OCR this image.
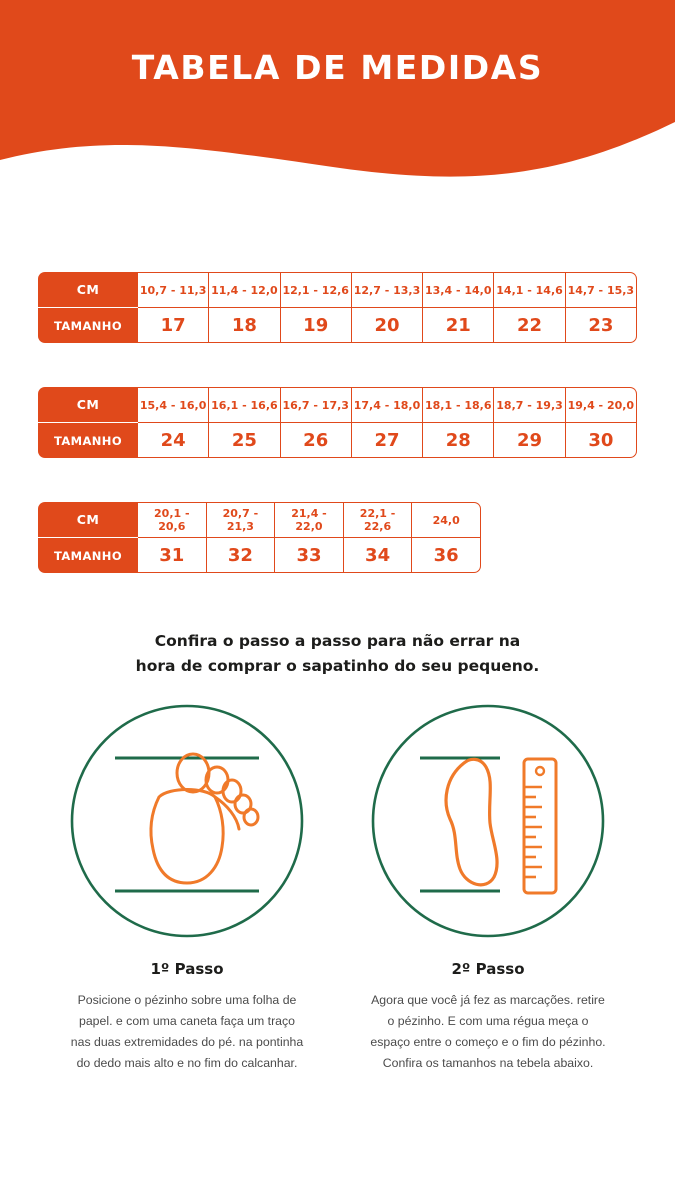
TABELA DE MEDIDAS
CM	10,7 - 11,3	11,4 - 12,0	12,1 - 12,6	12,7 - 13,3	13,4 - 14,0	14,1 - 14,6	14,7 - 15,3
TAMANHO	17	18	19	20	21	22	23
CM	15,4 - 16,0	16,1 - 16,6	16,7 - 17,3	17,4 - 18,0	18,1 - 18,6	18,7 - 19,3	19,4 - 20,0
TAMANHO	24	25	26	27	28	29	30
CM	20,1 - 20,6	20,7 - 21,3	21,4 - 22,0	22,1 - 22,6	24,0
TAMANHO	31	32	33	34	36
Confira o passo a passo para não errar na
hora de comprar o sapatinho do seu pequeno.
1º Passo
Posicione o pézinho sobre uma folha de papel. e com uma caneta faça um traço nas duas extremidades do pé. na pontinha do dedo mais alto e no fim do calcanhar.
2º Passo
Agora que você já fez as marcações. retire o pézinho. E com uma régua meça o espaço entre o começo e o fim do pézinho. Confira os tamanhos na tebela abaixo.
